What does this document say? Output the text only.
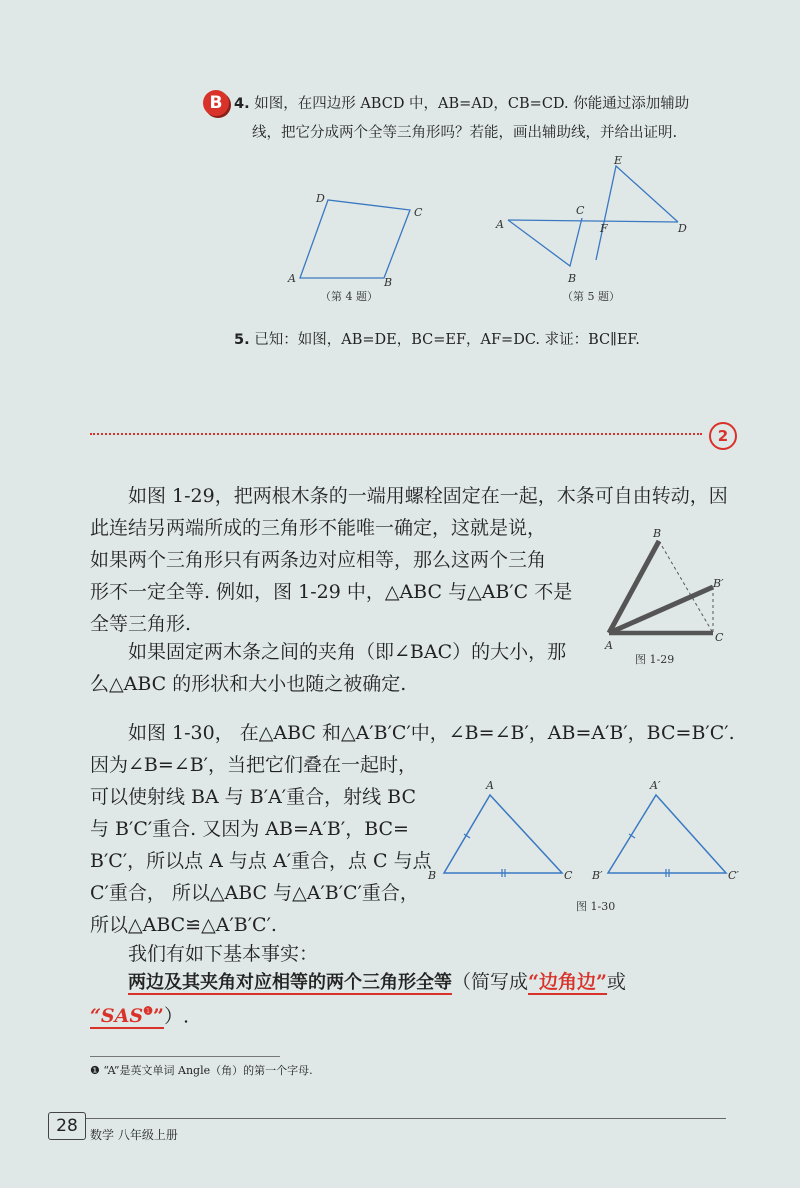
B 4. 如图，在四边形 ABCD 中，AB=AD，CB=CD. 你能通过添加辅助
线，把它分成两个全等三角形吗？若能，画出辅助线，并给出证明.
A	B
C
D
（第 4 题）
A
B
C
D
E
F
（第 5 题）
5. 已知：如图，AB=DE，BC=EF，AF=DC. 求证：BC∥EF.
2
如图 1-29，把两根木条的一端用螺栓固定在一起，木条可自由转动，因
此连结另两端所成的三角形不能唯一确定，这就是说，
如果两个三角形只有两条边对应相等，那么这两个三角
形不一定全等. 例如，图 1-29 中，△ABC 与△AB′C 不是
全等三角形.
如果固定两木条之间的夹角（即∠BAC）的大小，那
么△ABC 的形状和大小也随之被确定.
B
B′
C
A
图 1-29
如图 1-30， 在△ABC 和△A′B′C′中，∠B=∠B′，AB=A′B′，BC=B′C′.
因为∠B=∠B′，当把它们叠在一起时，
可以使射线 BA 与 B′A′重合，射线 BC
与 B′C′重合. 又因为 AB=A′B′，BC=
B′C′，所以点 A 与点 A′重合，点 C 与点
C′重合， 所以△ABC 与△A′B′C′重合，
所以△ABC≌△A′B′C′.
A
B	C
A′
B′	C′
图 1-30
我们有如下基本事实：
两边及其夹角对应相等的两个三角形全等（简写成“边角边”或
“$SAS^❶$”）.
❶ “A”是英文单词 Angle（角）的第一个字母.
28	数学 八年级上册
